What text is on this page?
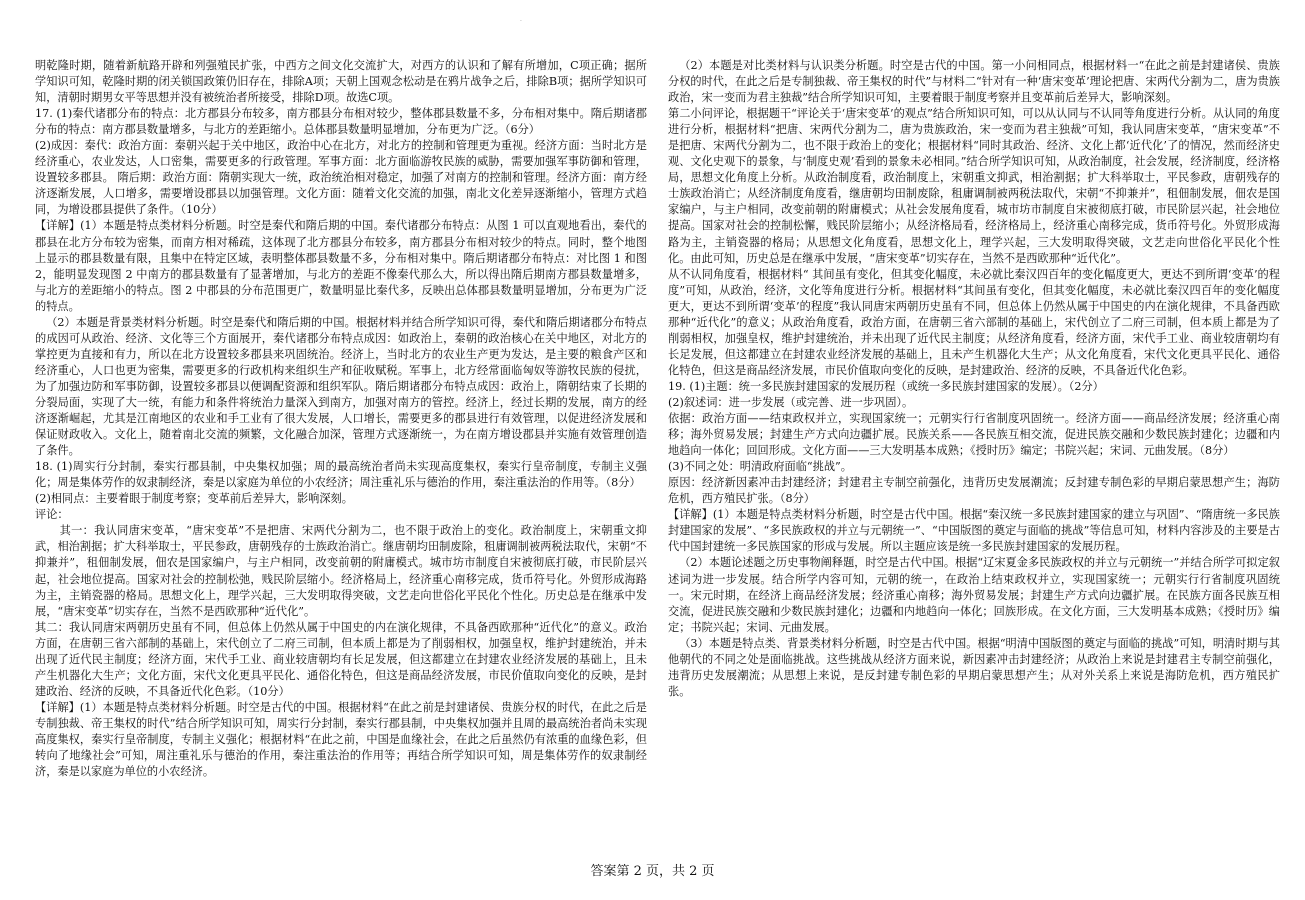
·

明乾隆时期，随着新航路开辟和列强殖民扩张，中西方之间文化交流扩大，对西方的认识和了解有所增加，C项正确；据所学知识可知，乾隆时期的闭关锁国政策仍旧存在，排除A项；天朝上国观念松动是在鸦片战争之后，排除B项；据所学知识可知，清朝时期男女平等思想并没有被统治者所接受，排除D项。故选C项。

17. (1)秦代诸郡分布的特点：北方郡县分布较多，南方郡县分布相对较少，整体郡县数量不多，分布相对集中。隋后期诸郡分布的特点：南方郡县数量增多，与北方的差距缩小。总体郡县数量明显增加，分布更为广泛。（6分）

(2)成因：秦代：政治方面：秦朝兴起于关中地区，政治中心在北方，对北方的控制和管理更为重视。经济方面：当时北方是经济重心，农业发达，人口密集，需要更多的行政管理。军事方面：北方面临游牧民族的威胁，需要加强军事防御和管理，设置较多郡县。 隋后期：政治方面：隋朝实现大一统，政治统治相对稳定，加强了对南方的控制和管理。经济方面：南方经济逐渐发展，人口增多，需要增设郡县以加强管理。文化方面：随着文化交流的加强，南北文化差异逐渐缩小，管理方式趋同，为增设郡县提供了条件。（10分）

【详解】(1）本题是特点类材料分析题。时空是秦代和隋后期的中国。秦代诸郡分布特点：从图 1 可以直观地看出，秦代的郡县在北方分布较为密集，而南方相对稀疏，这体现了北方郡县分布较多，南方郡县分布相对较少的特点。同时，整个地图上显示的郡县数量有限，且集中在特定区域，表明整体郡县数量不多，分布相对集中。隋后期诸郡分布特点：对比图 1 和图 2，能明显发现图 2 中南方的郡县数量有了显著增加，与北方的差距不像秦代那么大，所以得出隋后期南方郡县数量增多，与北方的差距缩小的特点。图 2 中郡县的分布范围更广，数量明显比秦代多，反映出总体郡县数量明显增加，分布更为广泛的特点。

（2）本题是背景类材料分析题。时空是秦代和隋后期的中国。根据材料并结合所学知识可得，秦代和隋后期诸郡分布特点的成因可从政治、经济、文化等三个方面展开，秦代诸郡分布特点成因：如政治上，秦朝的政治核心在关中地区，对北方的掌控更为直接和有力，所以在北方设置较多郡县来巩固统治。经济上，当时北方的农业生产更为发达，是主要的粮食产区和经济重心，人口也更为密集，需要更多的行政机构来组织生产和征收赋税。军事上，北方经常面临匈奴等游牧民族的侵扰，为了加强边防和军事防御，设置较多郡县以便调配资源和组织军队。隋后期诸郡分布特点成因：政治上，隋朝结束了长期的分裂局面，实现了大一统，有能力和条件将统治力量深入到南方，加强对南方的管控。经济上，经过长期的发展，南方的经济逐渐崛起，尤其是江南地区的农业和手工业有了很大发展，人口增长，需要更多的郡县进行有效管理，以促进经济发展和保证财政收入。文化上，随着南北交流的频繁，文化融合加深，管理方式逐渐统一，为在南方增设郡县并实施有效管理创造了条件。

18. (1)周实行分封制，秦实行郡县制，中央集权加强；周的最高统治者尚未实现高度集权，秦实行皇帝制度，专制主义强化；周是集体劳作的奴隶制经济，秦是以家庭为单位的小农经济；周注重礼乐与德治的作用，秦注重法治的作用等。（8分）

(2)相同点：主要着眼于制度考察；变革前后差异大，影响深刻。

评论：

其一：我认同唐宋变革，“唐宋变革”不是把唐、宋两代分割为二，也不限于政治上的变化。政治制度上，宋朝重文抑武，相治割据；扩大科举取士，平民参政，唐朝残存的士族政治消亡。继唐朝均田制废除，租庸调制被两税法取代，宋朝“不抑兼并”，租佃制发展，佃农是国家编户，与主户相同，改变前朝的附庸模式。城市坊市制度自宋被彻底打破，市民阶层兴起，社会地位提高。国家对社会的控制松弛，贱民阶层缩小。经济格局上，经济重心南移完成，货币符号化。外贸形成海路为主，主销瓷器的格局。思想文化上，理学兴起，三大发明取得突破，文艺走向世俗化平民化个性化。历史总是在继承中发展，“唐宋变革”切实存在，当然不是西欧那种“近代化”。

其二：我认同唐宋两朝历史虽有不同，但总体上仍然从属于中国史的内在演化规律，不具备西欧那种“近代化”的意义。政治方面，在唐朝三省六部制的基础上，宋代创立了二府三司制，但本质上都是为了削弱相权，加强皇权，维护封建统治，并未出现了近代民主制度；经济方面，宋代手工业、商业较唐朝均有长足发展，但这都建立在封建农业经济发展的基础上，且未产生机器化大生产；文化方面，宋代文化更具平民化、通俗化特色，但这是商品经济发展，市民价值取向变化的反映，是封建政治、经济的反映，不具备近代化色彩。（10分）

【详解】(1）本题是特点类材料分析题。时空是古代的中国。根据材料“在此之前是封建诸侯、贵族分权的时代，在此之后是专制独裁、帝王集权的时代”结合所学知识可知，周实行分封制，秦实行郡县制，中央集权加强并且周的最高统治者尚未实现高度集权，秦实行皇帝制度，专制主义强化；根据材料“在此之前，中国是血缘社会，在此之后虽然仍有浓重的血缘色彩，但转向了地缘社会”可知，周注重礼乐与德治的作用，秦注重法治的作用等；再结合所学知识可知，周是集体劳作的奴隶制经济，秦是以家庭为单位的小农经济。

（2）本题是对比类材料与认识类分析题。时空是古代的中国。第一小问相同点，根据材料一“在此之前是封建诸侯、贵族分权的时代，在此之后是专制独裁、帝王集权的时代”与材料二“针对有一种‘唐宋变革’理论把唐、宋两代分割为二，唐为贵族政治，宋一变而为君主独裁”结合所学知识可知，主要着眼于制度考察并且变革前后差异大，影响深刻。

第二小问评论，根据题干“评论关于‘唐宋变革’的观点”结合所知识可知，可以从认同与不认同等角度进行分析。从认同的角度进行分析，根据材料“把唐、宋两代分割为二，唐为贵族政治，宋一变而为君主独裁”可知，我认同唐宋变革，“唐宋变革”不是把唐、宋两代分割为二，也不限于政治上的变化；根据材料“同时其政治、经济、文化上都‘近代化’了的情况，然而经济史观、文化史观下的景象，与‘制度史观’看到的景象未必相同。”结合所学知识可知，从政治制度，社会发展，经济制度，经济格局，思想文化角度上分析。从政治制度看，政治制度上，宋朝重文抑武，相治割据；扩大科举取士，平民参政，唐朝残存的士族政治消亡；从经济制度角度看，继唐朝均田制废除，租庸调制被两税法取代，宋朝“不抑兼并”，租佃制发展，佃农是国家编户，与主户相同，改变前朝的附庸模式；从社会发展角度看，城市坊市制度自宋被彻底打破，市民阶层兴起，社会地位提高。国家对社会的控制松懈，贱民阶层缩小；从经济格局看，经济格局上，经济重心南移完成，货币符号化。外贸形成海路为主，主销瓷器的格局；从思想文化角度看，思想文化上，理学兴起，三大发明取得突破，文艺走向世俗化平民化个性化。由此可知，历史总是在继承中发展，“唐宋变革”切实存在，当然不是西欧那种“近代化”。

从不认同角度看，根据材料“ 其间虽有变化，但其变化幅度，未必就比秦汉四百年的变化幅度更大，更达不到所谓‘变革’的程度”可知，从政治，经济，文化等角度进行分析。根据材料“其间虽有变化，但其变化幅度，未必就比秦汉四百年的变化幅度更大，更达不到所谓‘变革’的程度”我认同唐宋两朝历史虽有不同，但总体上仍然从属于中国史的内在演化规律，不具备西欧那种“近代化”的意义；从政治角度看，政治方面，在唐朝三省六部制的基础上，宋代创立了二府三司制，但本质上都是为了削弱相权，加强皇权，维护封建统治，并未出现了近代民主制度；从经济角度看，经济方面，宋代手工业、商业较唐朝均有长足发展，但这都建立在封建农业经济发展的基础上，且未产生机器化大生产；从文化角度看，宋代文化更具平民化、通俗化特色，但这是商品经济发展，市民价值取向变化的反映，是封建政治、经济的反映，不具备近代化色彩。

19. (1)主题：统一多民族封建国家的发展历程（或统一多民族封建国家的发展）。（2分）

(2)叙述词：进一步发展（或完善、进一步巩固）。

依据：政治方面——结束政权并立，实现国家统一；元朝实行行省制度巩固统一。经济方面——商品经济发展；经济重心南移；海外贸易发展；封建生产方式向边疆扩展。民族关系——各民族互相交流，促进民族交融和少数民族封建化；边疆和内地趋向一体化；回回形成。文化方面——三大发明基本成熟；《授时历》编定；书院兴起；宋词、元曲发展。（8分）

(3)不同之处：明清政府面临“挑战”。

原因：经济新因素冲击封建经济；封建君主专制空前强化，违背历史发展潮流；反封建专制色彩的早期启蒙思想产生；海防危机，西方殖民扩张。（8分）

【详解】(1）本题是特点类材料分析题，时空是古代中国。根据“秦汉统一多民族封建国家的建立与巩固”、“隋唐统一多民族封建国家的发展”、“多民族政权的并立与元朝统一”、“中国版图的奠定与面临的挑战”等信息可知，材料内容涉及的主要是古代中国封建统一多民族国家的形成与发展。所以主题应该是统一多民族封建国家的发展历程。

（2）本题论述题之历史事物阐释题，时空是古代中国。根据“辽宋夏金多民族政权的并立与元朝统一”并结合所学可拟定叙述词为进一步发展。结合所学内容可知，元朝的统一，在政治上结束政权并立，实现国家统一；元朝实行行省制度巩固统一。宋元时期，在经济上商品经济发展；经济重心南移；海外贸易发展；封建生产方式向边疆扩展。在民族方面各民族互相交流，促进民族交融和少数民族封建化；边疆和内地趋向一体化；回族形成。在文化方面，三大发明基本成熟；《授时历》编定；书院兴起；宋词、元曲发展。

（3）本题是特点类、背景类材料分析题，时空是古代中国。根据“明清中国版图的奠定与面临的挑战”可知，明清时期与其他朝代的不同之处是面临挑战。这些挑战从经济方面来说，新因素冲击封建经济；从政治上来说是封建君主专制空前强化，违背历史发展潮流；从思想上来说，是反封建专制色彩的早期启蒙思想产生；从对外关系上来说是海防危机，西方殖民扩张。

答案第 2 页，共 2 页
